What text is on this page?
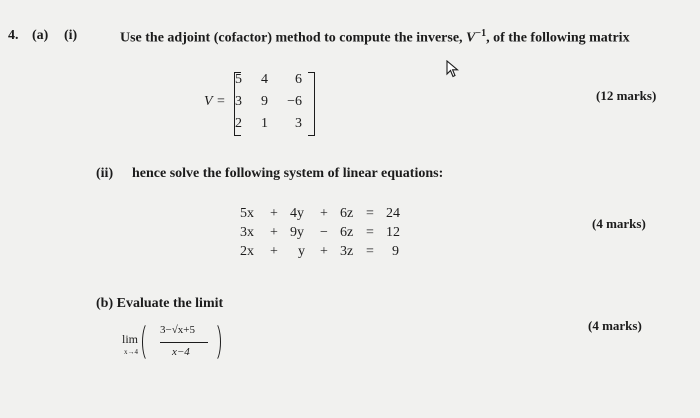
4. (a) (i)	Use the adjoint (cofactor) method to compute the inverse, $V^{-1}$, of the following matrix
V =
5	4	6
3	9	−6
2	1	3
(12 marks)
(ii) hence solve the following system of linear equations:
5x + 4y + 6z = 24
3x + 9y − 6z = 12
2x + y + 3z = 9
(4 marks)
(b) Evaluate the limit
lim
x→4
3−√x+5
x−4
(4 marks)
